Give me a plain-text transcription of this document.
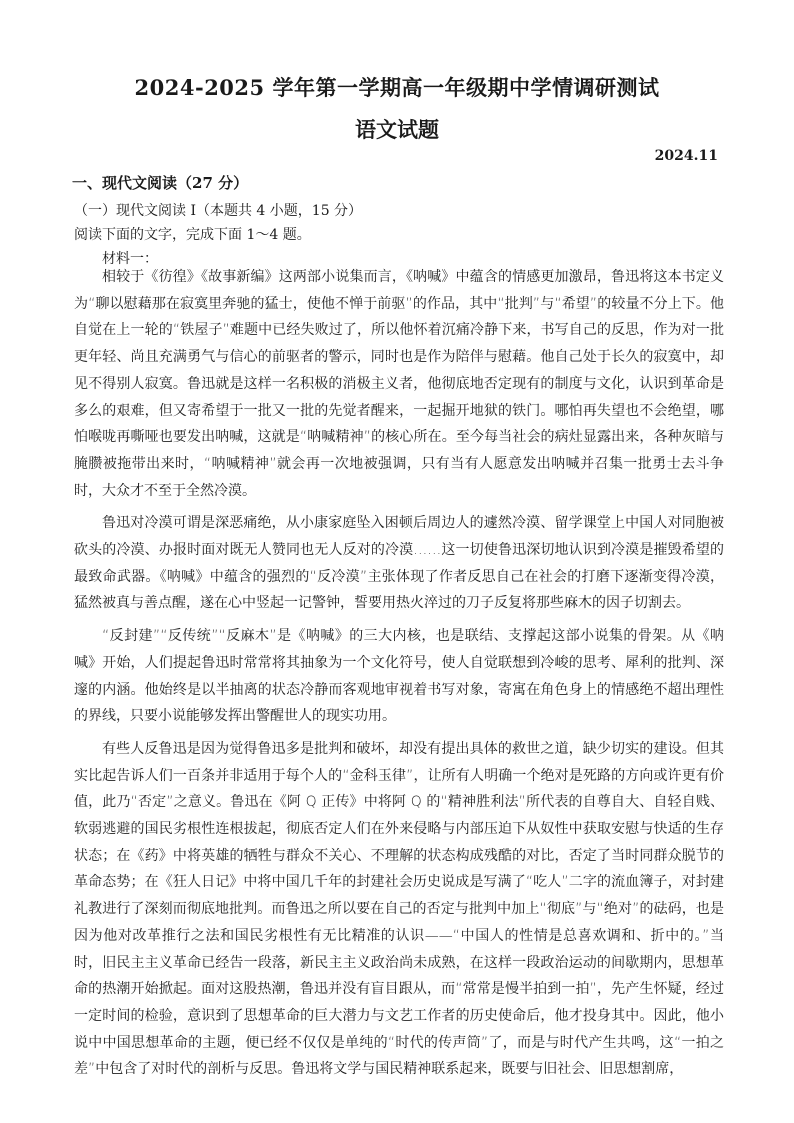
2024-2025 学年第一学期高一年级期中学情调研测试
语文试题
2024.11
一、现代文阅读（27 分）
（一）现代文阅读 I（本题共 4 小题，15 分）
阅读下面的文字，完成下面 1～4 题。
材料一：

相较于《彷徨》《故事新编》这两部小说集而言，《呐喊》中蕴含的情感更加激昂，鲁迅将这本书定义为“聊以慰藉那在寂寞里奔驰的猛士，使他不惮于前驱”的作品，其中“批判”与“希望”的较量不分上下。他自觉在上一轮的“铁屋子”难题中已经失败过了，所以他怀着沉痛冷静下来，书写自己的反思，作为对一批更年轻、尚且充满勇气与信心的前驱者的警示，同时也是作为陪伴与慰藉。他自己处于长久的寂寞中，却见不得别人寂寞。鲁迅就是这样一名积极的消极主义者，他彻底地否定现有的制度与文化，认识到革命是多么的艰难，但又寄希望于一批又一批的先觉者醒来，一起掘开地狱的铁门。哪怕再失望也不会绝望，哪怕喉咙再嘶哑也要发出呐喊，这就是“呐喊精神”的核心所在。至今每当社会的病灶显露出来，各种灰暗与腌臜被拖带出来时，“呐喊精神”就会再一次地被强调，只有当有人愿意发出呐喊并召集一批勇士去斗争时，大众才不至于全然冷漠。

鲁迅对冷漠可谓是深恶痛绝，从小康家庭坠入困顿后周边人的遽然冷漠、留学课堂上中国人对同胞被砍头的冷漠、办报时面对既无人赞同也无人反对的冷漠……这一切使鲁迅深切地认识到冷漠是摧毁希望的最致命武器。《呐喊》中蕴含的强烈的“反冷漠”主张体现了作者反思自己在社会的打磨下逐渐变得冷漠，猛然被真与善点醒，遂在心中竖起一记警钟，誓要用热火淬过的刀子反复将那些麻木的因子切割去。

“反封建”“反传统”“反麻木”是《呐喊》的三大内核，也是联结、支撑起这部小说集的骨架。从《呐喊》开始，人们提起鲁迅时常常将其抽象为一个文化符号，使人自觉联想到冷峻的思考、犀利的批判、深邃的内涵。他始终是以半抽离的状态冷静而客观地审视着书写对象，寄寓在角色身上的情感绝不超出理性的界线，只要小说能够发挥出警醒世人的现实功用。

有些人反鲁迅是因为觉得鲁迅多是批判和破坏，却没有提出具体的救世之道，缺少切实的建设。但其实比起告诉人们一百条并非适用于每个人的“金科玉律”，让所有人明确一个绝对是死路的方向或许更有价值，此乃“否定”之意义。鲁迅在《阿 Q 正传》中将阿 Q 的“精神胜利法”所代表的自尊自大、自轻自贱、软弱逃避的国民劣根性连根拔起，彻底否定人们在外来侵略与内部压迫下从奴性中获取安慰与快适的生存状态；在《药》中将英雄的牺牲与群众不关心、不理解的状态构成残酷的对比，否定了当时同群众脱节的革命态势；在《狂人日记》中将中国几千年的封建社会历史说成是写满了“吃人”二字的流血簿子，对封建礼教进行了深刻而彻底地批判。而鲁迅之所以要在自己的否定与批判中加上“彻底”与“绝对”的砝码，也是因为他对改革推行之法和国民劣根性有无比精准的认识——“中国人的性情是总喜欢调和、折中的。”当时，旧民主主义革命已经告一段落，新民主主义政治尚未成熟，在这样一段政治运动的间歇期内，思想革命的热潮开始掀起。面对这股热潮，鲁迅并没有盲目跟从，而“常常是慢半拍到一拍”，先产生怀疑，经过一定时间的检验，意识到了思想革命的巨大潜力与文艺工作者的历史使命后，他才投身其中。因此，他小说中中国思想革命的主题，便已经不仅仅是单纯的“时代的传声筒”了，而是与时代产生共鸣，这“一拍之差”中包含了对时代的剖析与反思。鲁迅将文学与国民精神联系起来，既要与旧社会、旧思想割席，
